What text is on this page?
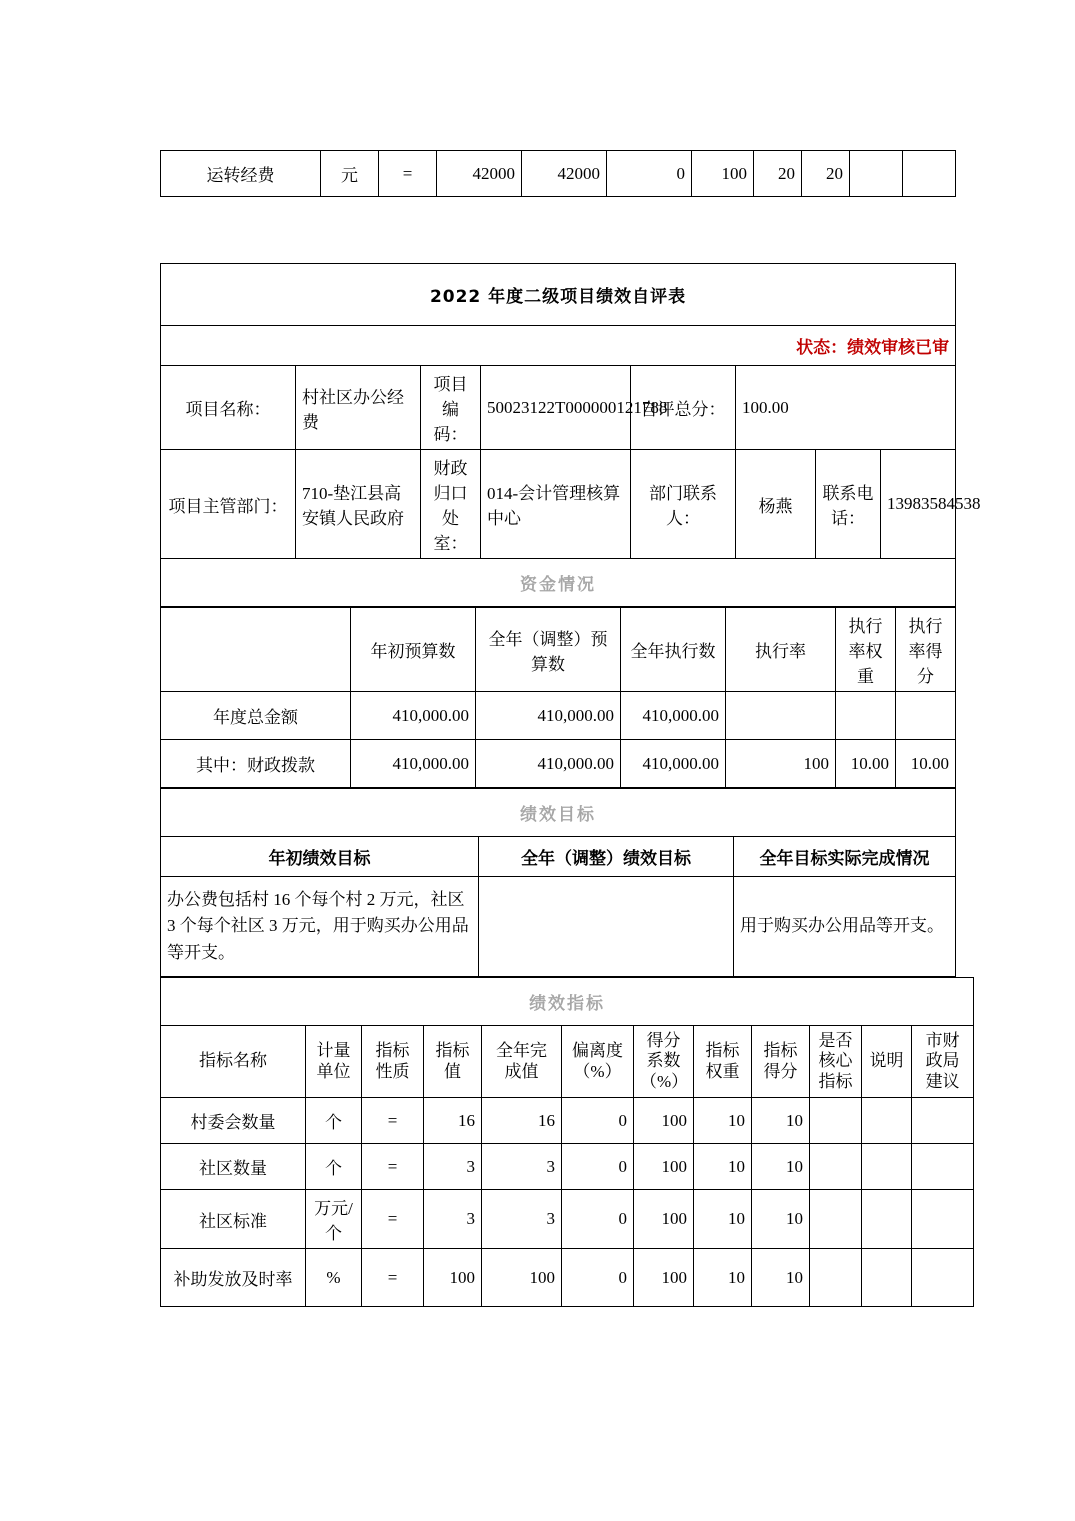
运转经费	元	=	42000	42000	0	100	20	20		
2022 年度二级项目绩效自评表							
状态：绩效审核已审							
项目名称：	村社区办公经费	项目编码：	50023122T000000121788	自评总分：	100.00		
项目主管部门：	710-垫江县高安镇人民政府	财政归口处室：	014-会计管理核算中心	部门联系人：	杨燕	联系电话：	13983584538
资金情况							
	年初预算数	全年（调整）预算数	全年执行数	执行率	执行率权重	执行率得分
年度总金额	410,000.00	410,000.00	410,000.00			
其中：财政拨款	410,000.00	410,000.00	410,000.00	100	10.00	10.00
绩效目标		
年初绩效目标	全年（调整）绩效目标	全年目标实际完成情况
办公费包括村 16 个每个村 2 万元，社区 3 个每个社区 3 万元，用于购买办公用品等开支。		用于购买办公用品等开支。
绩效指标											
指标名称	计量单位	指标性质	指标值	全年完成值	偏离度（%）	得分系数（%）	指标权重	指标得分	是否核心指标	说明	市财政局建议
村委会数量	个	=	16	16	0	100	10	10			
社区数量	个	=	3	3	0	100	10	10			
社区标准	万元/个	=	3	3	0	100	10	10			
补助发放及时率	%	=	100	100	0	100	10	10			
